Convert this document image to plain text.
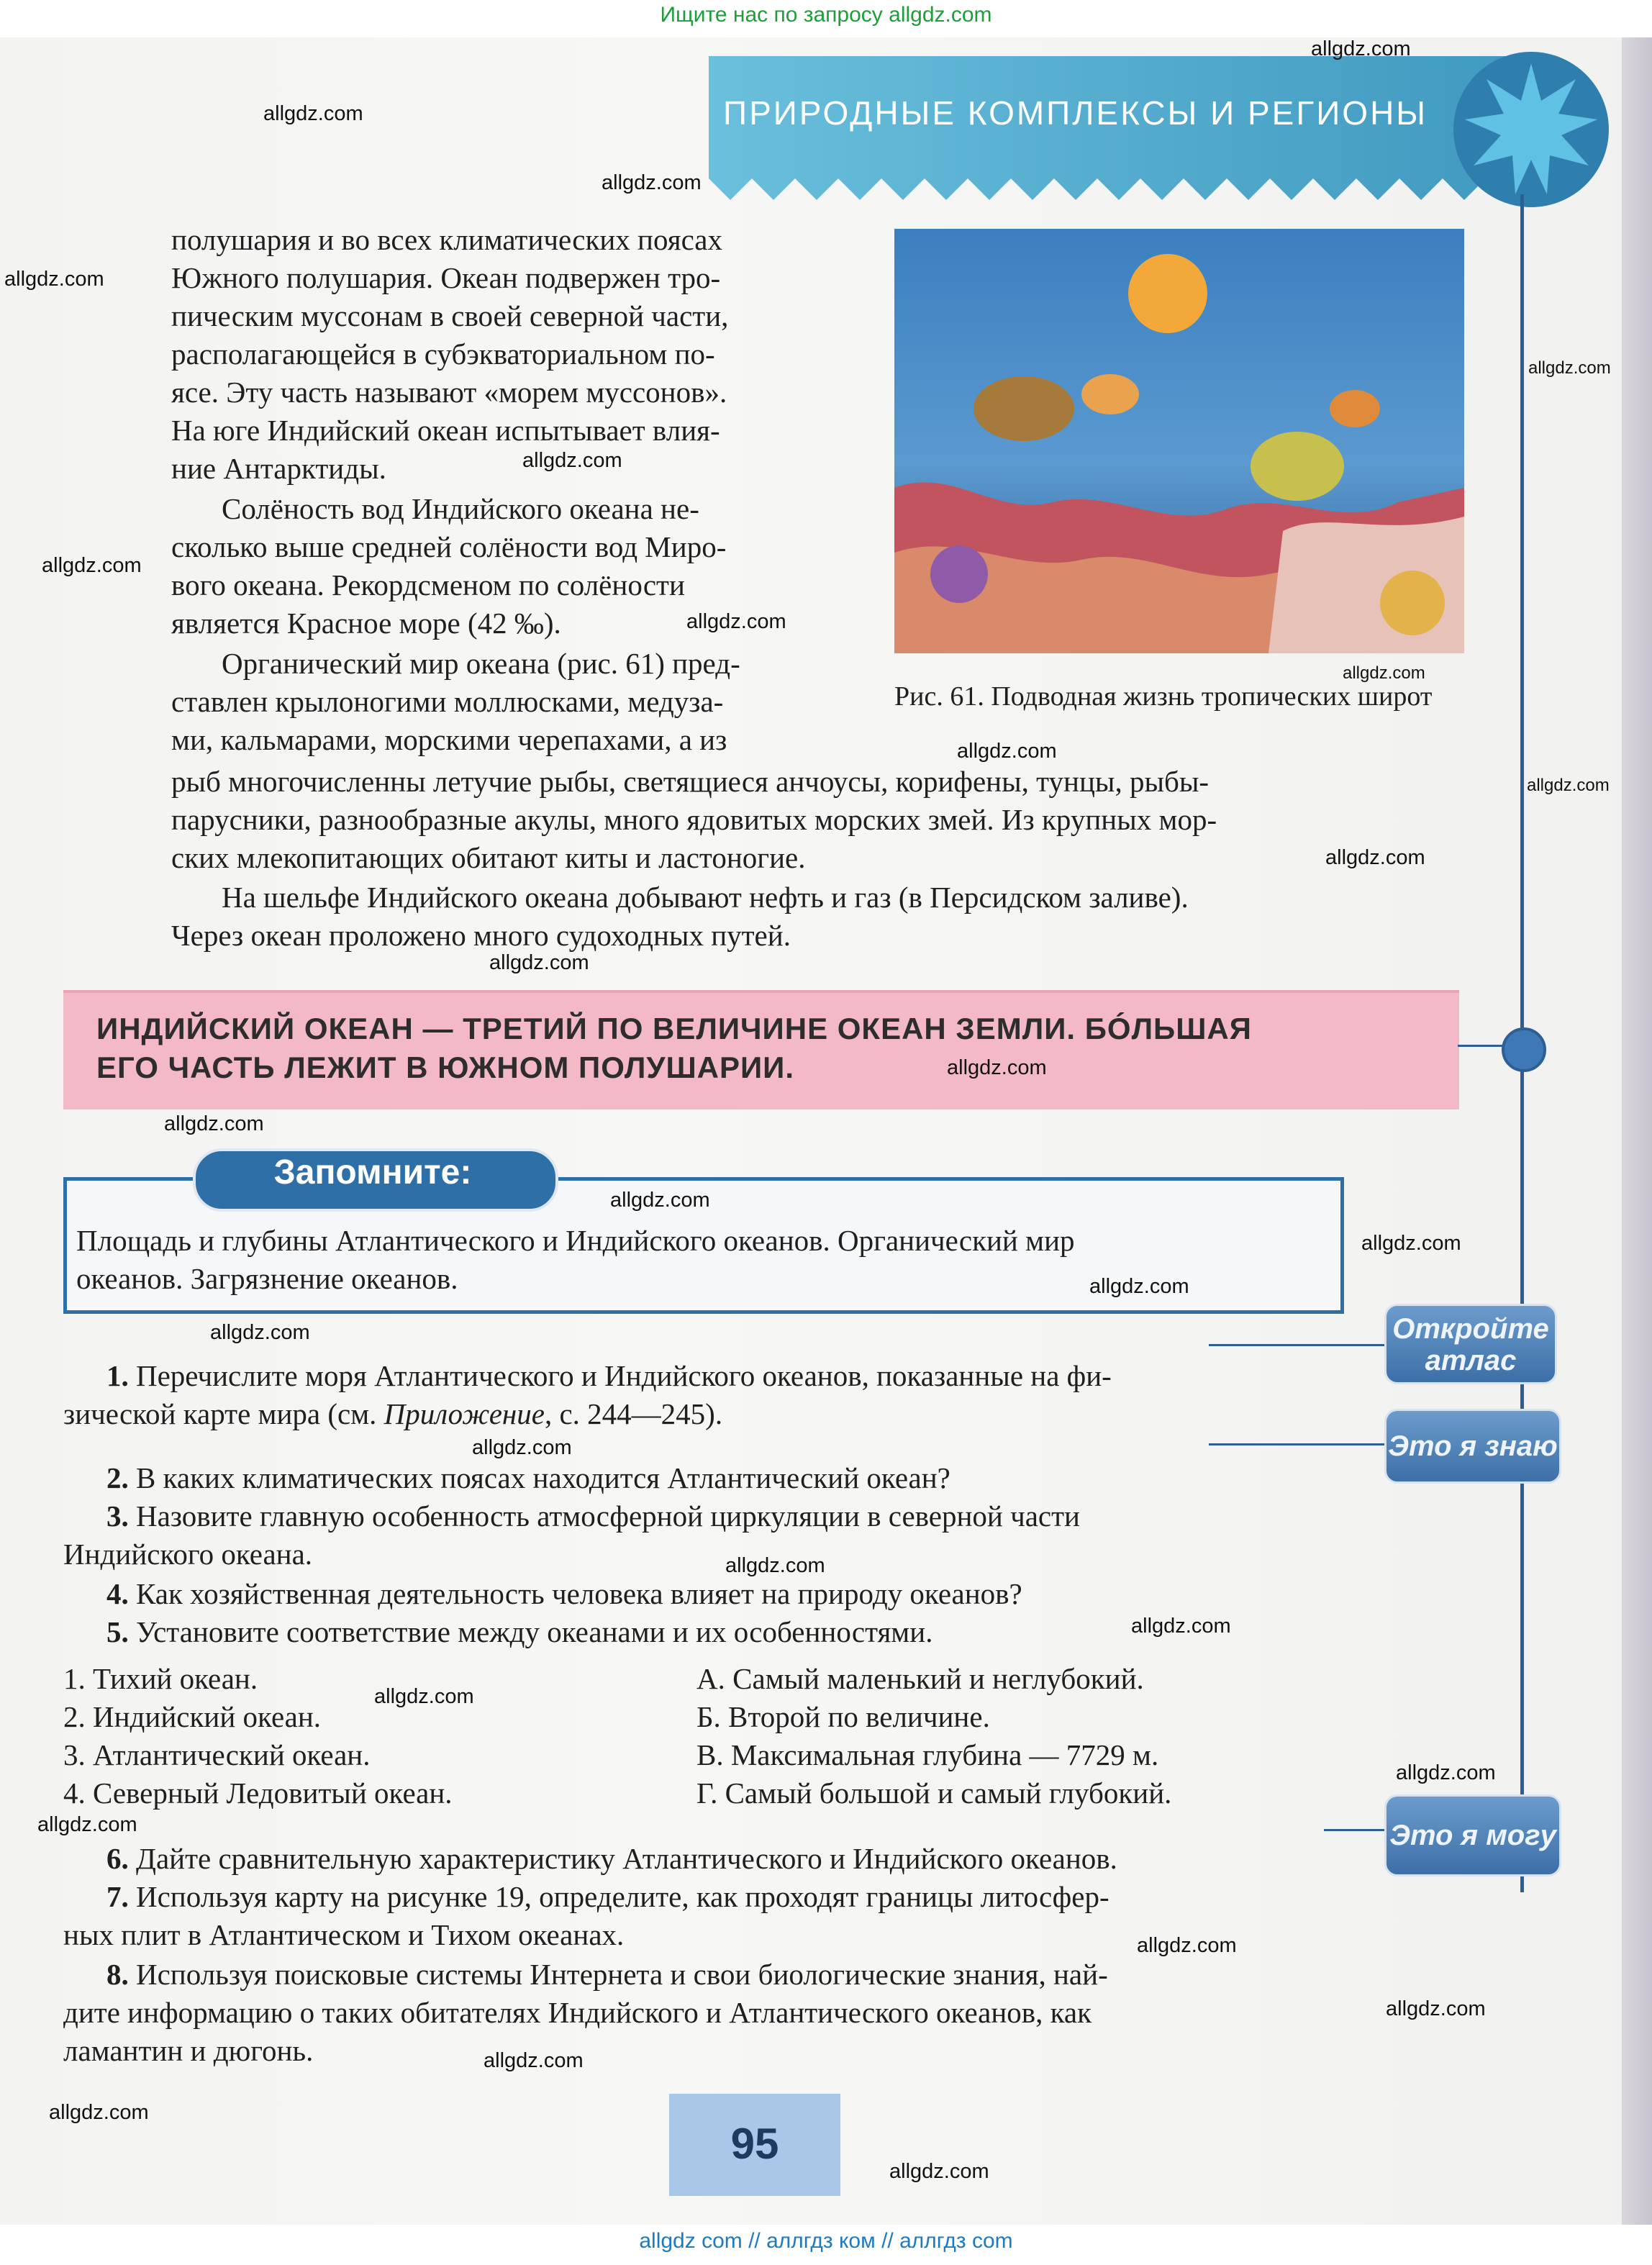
Ищите нас по запросу allgdz.com
ПРИРОДНЫЕ КОМПЛЕКСЫ И РЕГИОНЫ
полушария и во всех климатических поясах
Южного полушария. Океан подвержен тро-
пическим муссонам в своей северной части,
располагающейся в субэкваториальном по-
ясе. Эту часть называют «морем муссонов».
На юге Индийский океан испытывает влия-
ние Антарктиды.
Солёность вод Индийского океана не-
сколько выше средней солёности вод Миро-
вого океана. Рекордсменом по солёности
является Красное море (42 ‰).
Органический мир океана (рис. 61) пред-
ставлен крылоногими моллюсками, медуза-
ми, кальмарами, морскими черепахами, а из
Рис. 61. Подводная жизнь тропических широт
рыб многочисленны летучие рыбы, светящиеся анчоусы, корифены, тунцы, рыбы-
парусники, разнообразные акулы, много ядовитых морских змей. Из крупных мор-
ских млекопитающих обитают киты и ластоногие.
На шельфе Индийского океана добывают нефть и газ (в Персидском заливе).
Через океан проложено много судоходных путей.
ИНДИЙСКИЙ ОКЕАН — ТРЕТИЙ ПО ВЕЛИЧИНЕ ОКЕАН ЗЕМЛИ. БÓЛЬШАЯ
ЕГО ЧАСТЬ ЛЕЖИТ В ЮЖНОМ ПОЛУШАРИИ.
Запомните:
Площадь и глубины Атлантического и Индийского океанов. Органический мир
океанов. Загрязнение океанов.
Откройте
атлас
Это я знаю
Это я могу
1. Перечислите моря Атлантического и Индийского океанов, показанные на фи-
зической карте мира (см. Приложение, с. 244—245).
2. В каких климатических поясах находится Атлантический океан?
3. Назовите главную особенность атмосферной циркуляции в северной части
Индийского океана.
4. Как хозяйственная деятельность человека влияет на природу океанов?
5. Установите соответствие между океанами и их особенностями.
1. Тихий океан.
2. Индийский океан.
3. Атлантический океан.
4. Северный Ледовитый океан.
А. Самый маленький и неглубокий.
Б. Второй по величине.
В. Максимальная глубина — 7729 м.
Г. Самый большой и самый глубокий.
6. Дайте сравнительную характеристику Атлантического и Индийского океанов.
7. Используя карту на рисунке 19, определите, как проходят границы литосфер-
ных плит в Атлантическом и Тихом океанах.
8. Используя поисковые системы Интернета и свои биологические знания, най-
дите информацию о таких обитателях Индийского и Атлантического океанов, как
ламантин и дюгонь.
95
allgdz.com
allgdz.com
allgdz.com
allgdz.com
allgdz.com
allgdz.com
allgdz.com
allgdz.com
allgdz.com
allgdz.com
allgdz.com
allgdz.com
allgdz.com
allgdz.com
allgdz.com
allgdz.com
allgdz.com
allgdz.com
allgdz.com
allgdz.com
allgdz.com
allgdz.com
allgdz.com
allgdz.com
allgdz.com
allgdz.com
allgdz.com
allgdz.com
allgdz.com
allgdz.com
allgdz com // аллгдз ком // аллгдз com
